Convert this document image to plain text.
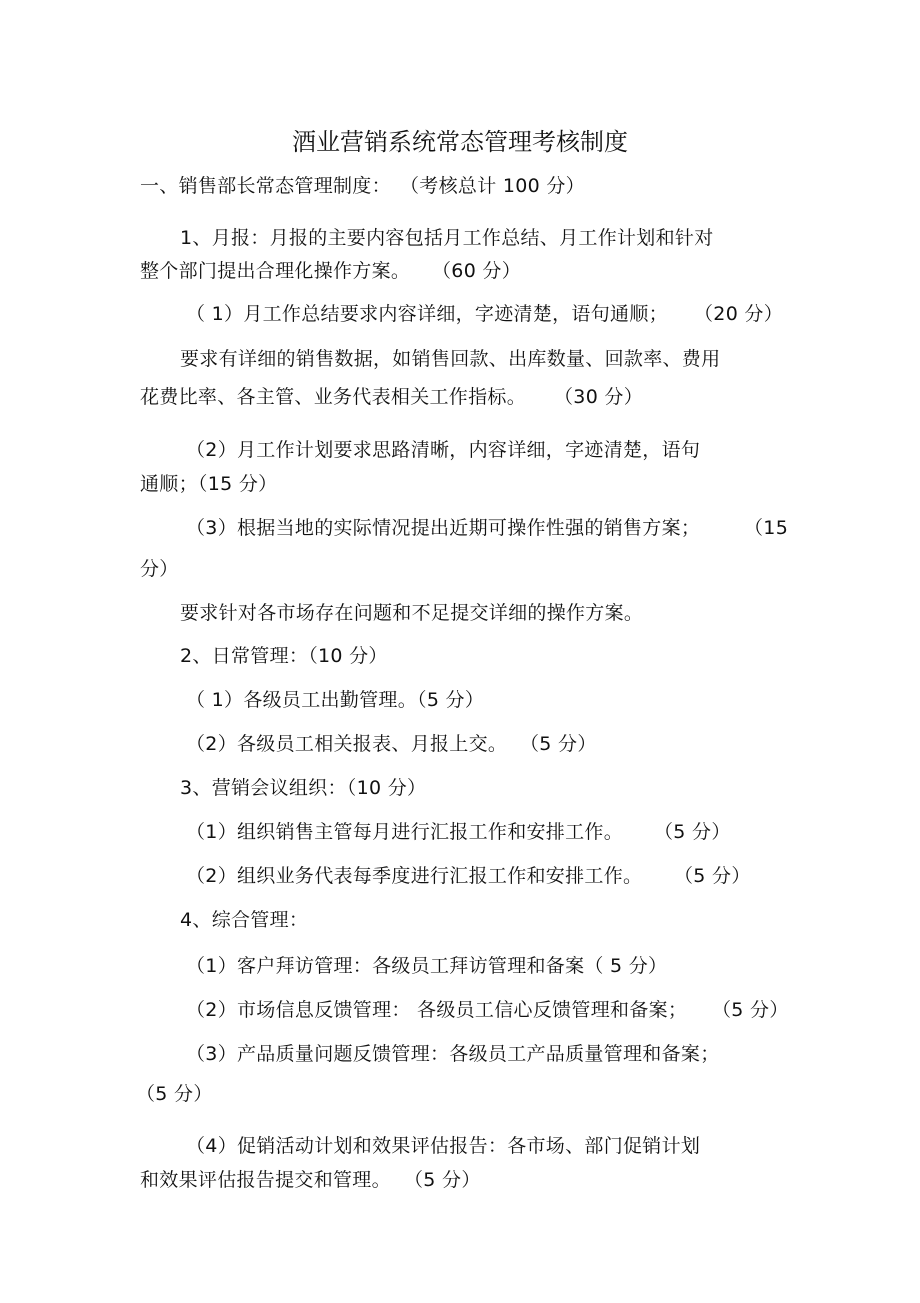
酒业营销系统常态管理考核制度
一、销售部长常态管理制度： （考核总计 100 分）
1、月报：月报的主要内容包括月工作总结、月工作计划和针对
整个部门提出合理化操作方案。 （60 分）
（ 1）月工作总结要求内容详细，字迹清楚，语句通顺； （20 分）
要求有详细的销售数据，如销售回款、出库数量、回款率、费用
花费比率、各主管、业务代表相关工作指标。 （30 分）
（2）月工作计划要求思路清晰，内容详细，字迹清楚，语句
通顺；（15 分）
（3）根据当地的实际情况提出近期可操作性强的销售方案； （15
分）
要求针对各市场存在问题和不足提交详细的操作方案。
2、日常管理：（10 分）
（ 1）各级员工出勤管理。（5 分）
（2）各级员工相关报表、月报上交。 （5 分）
3、营销会议组织：（10 分）
（1）组织销售主管每月进行汇报工作和安排工作。 （5 分）
（2）组织业务代表每季度进行汇报工作和安排工作。 （5 分）
4、综合管理：
（1）客户拜访管理：各级员工拜访管理和备案（ 5 分）
（2）市场信息反馈管理： 各级员工信心反馈管理和备案； （5 分）
（3）产品质量问题反馈管理：各级员工产品质量管理和备案；
（5 分）
（4）促销活动计划和效果评估报告：各市场、部门促销计划
和效果评估报告提交和管理。 （5 分）
